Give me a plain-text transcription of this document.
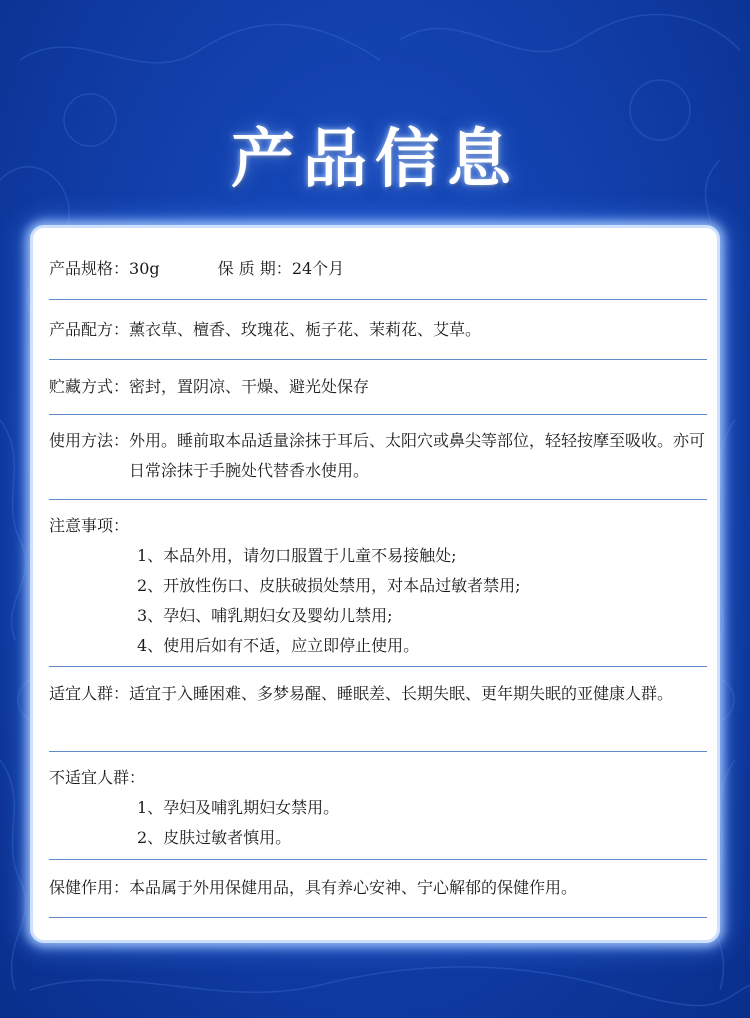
产品信息
产品规格：30g	保 质 期：24个月
产品配方：薰衣草、檀香、玫瑰花、栀子花、茉莉花、艾草。
贮藏方式：密封，置阴凉、干燥、避光处保存
使用方法： 外用。睡前取本品适量涂抹于耳后、太阳穴或鼻尖等部位，轻轻按摩至吸收。亦可日常涂抹于手腕处代替香水使用。
注意事项：
1、本品外用，请勿口服置于儿童不易接触处;
2、开放性伤口、皮肤破损处禁用，对本品过敏者禁用;
3、孕妇、哺乳期妇女及婴幼儿禁用;
4、使用后如有不适，应立即停止使用。
适宜人群： 适宜于入睡困难、多梦易醒、睡眠差、长期失眠、更年期失眠的亚健康人群。
不适宜人群：
1、孕妇及哺乳期妇女禁用。
2、皮肤过敏者慎用。
保健作用：本品属于外用保健用品，具有养心安神、宁心解郁的保健作用。
